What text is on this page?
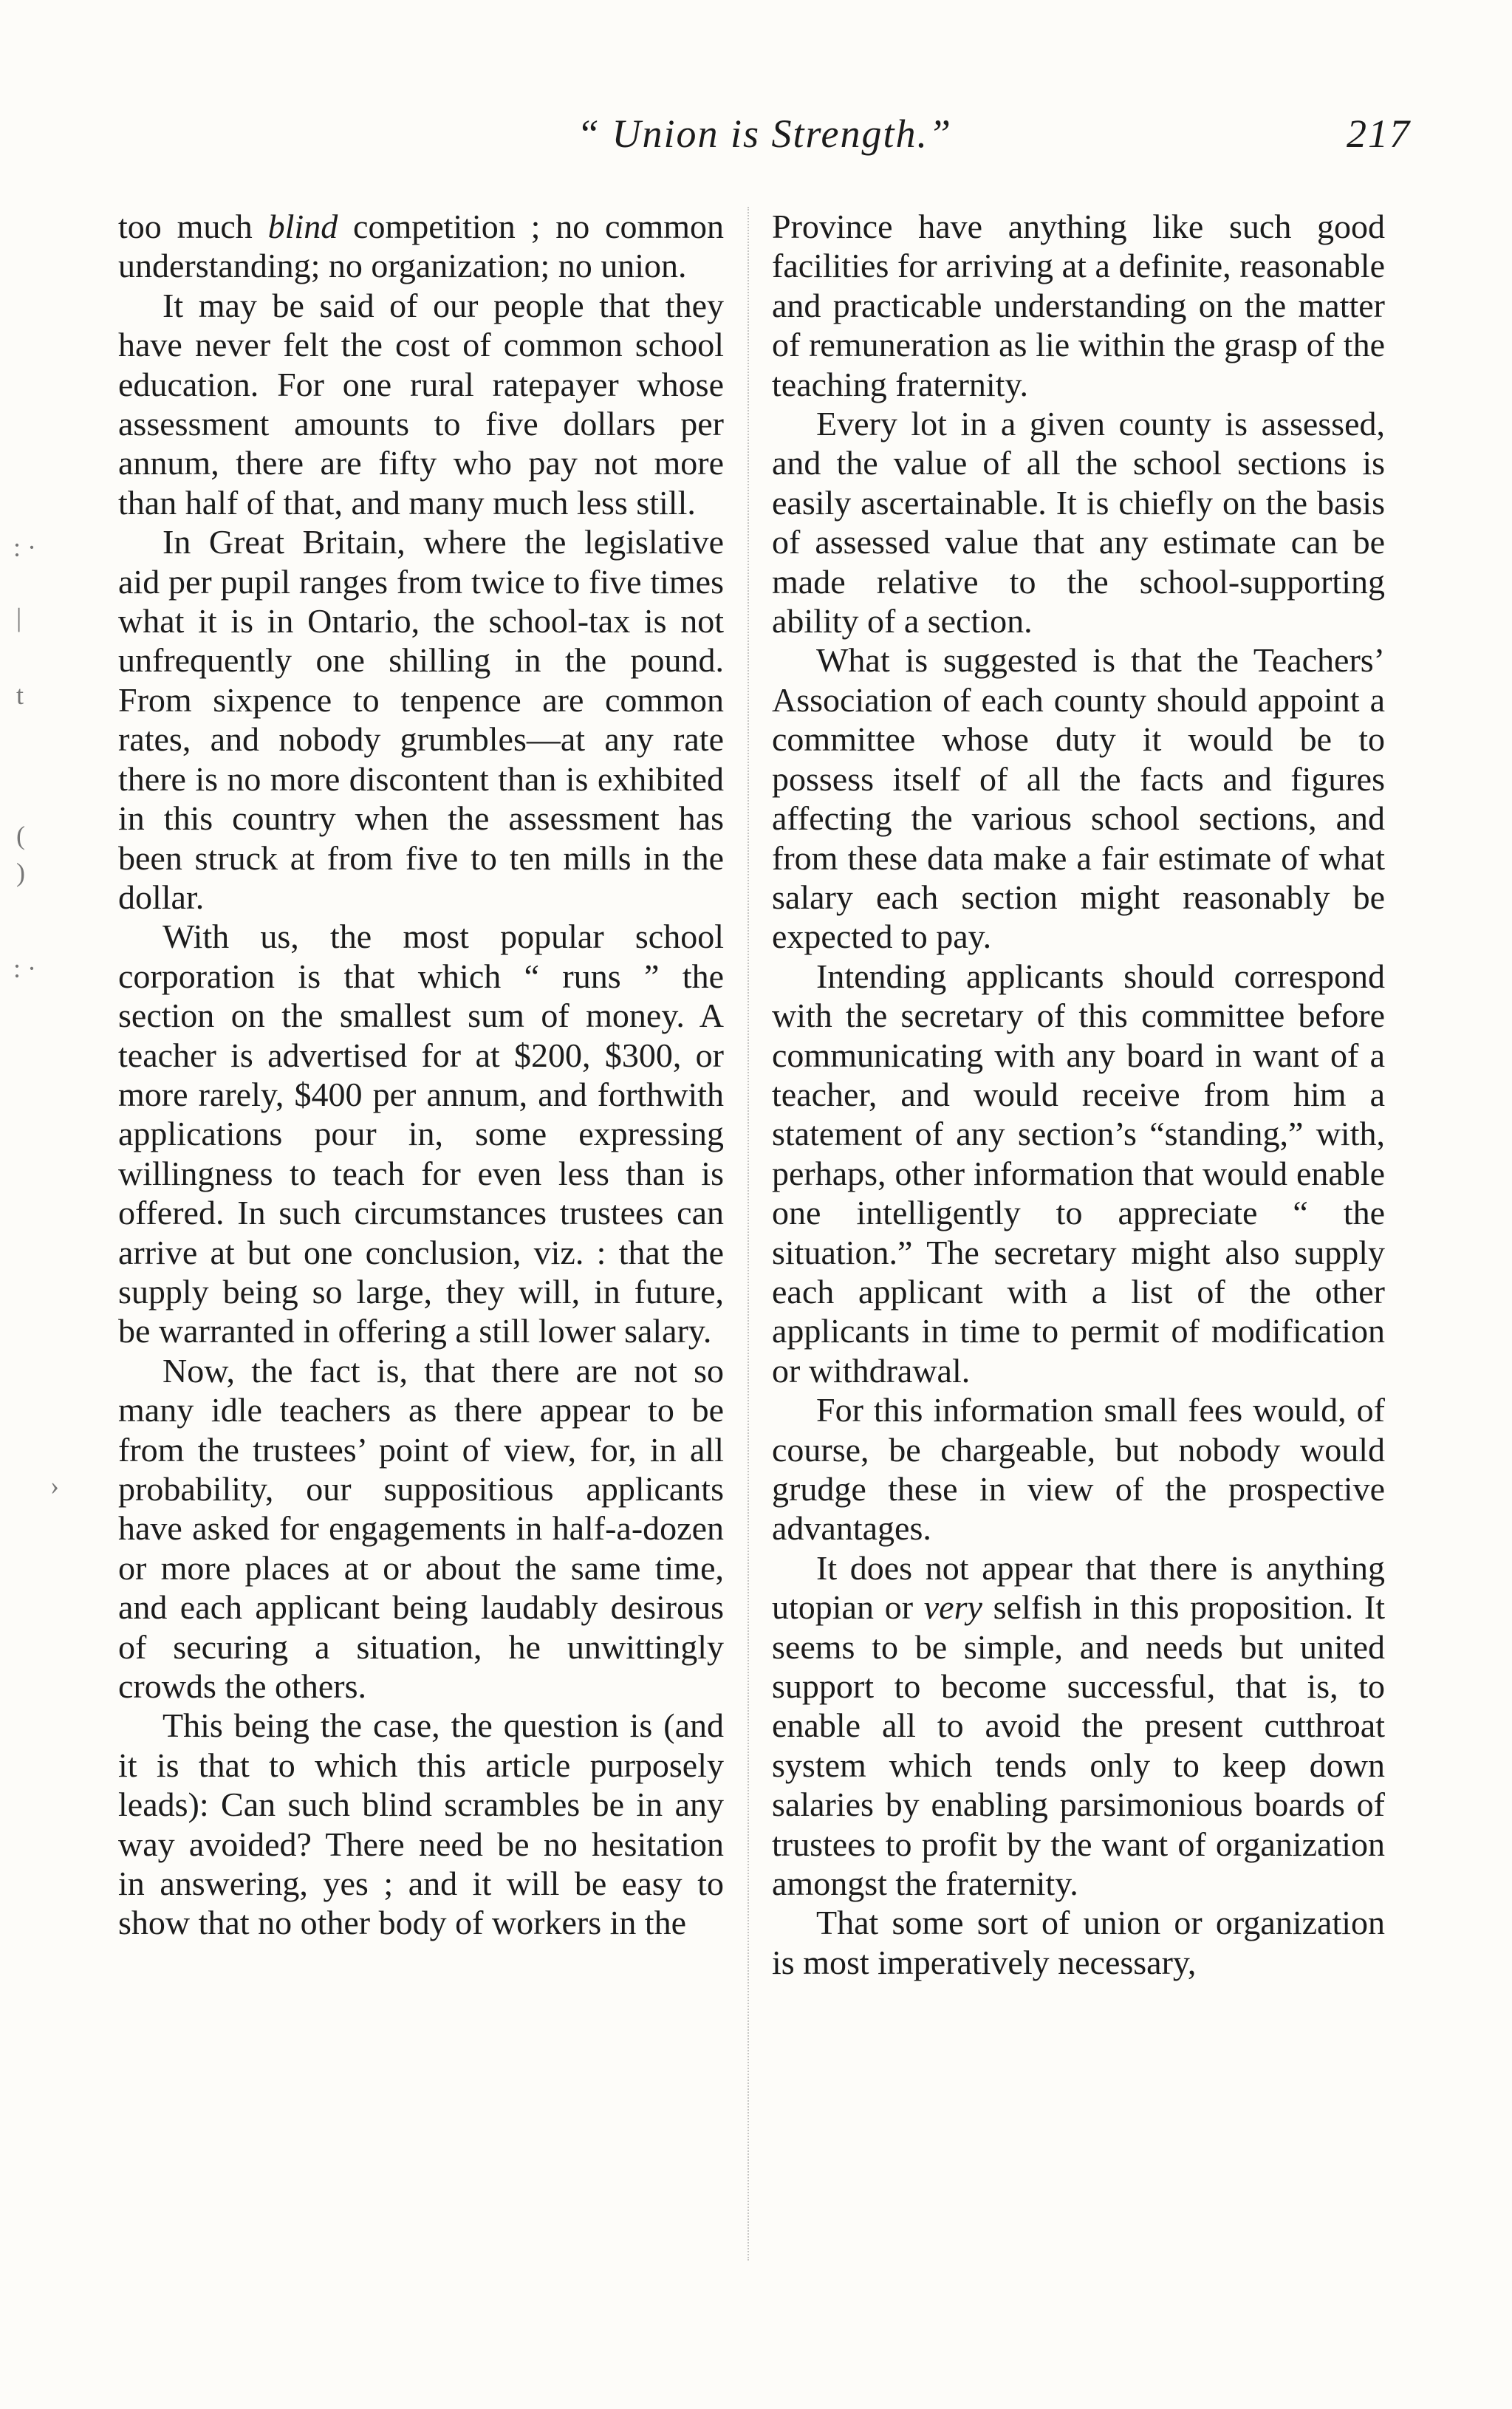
“ Union is Strength.”	217
: ·
|
t
(
)
: ·
›

too much blind competition ; no common understanding; no organization; no union.

It may be said of our people that they have never felt the cost of common school education. For one rural ratepayer whose assessment amounts to five dollars per annum, there are fifty who pay not more than half of that, and many much less still.

In Great Britain, where the legislative aid per pupil ranges from twice to five times what it is in Ontario, the school-tax is not unfrequently one shilling in the pound. From sixpence to tenpence are common rates, and nobody grumbles—at any rate there is no more discontent than is exhibited in this country when the assessment has been struck at from five to ten mills in the dollar.

With us, the most popular school corporation is that which “ runs ” the section on the smallest sum of money. A teacher is advertised for at $200, $300, or more rarely, $400 per annum, and forthwith applications pour in, some expressing willingness to teach for even less than is offered. In such circumstances trustees can arrive at but one conclusion, viz. : that the supply being so large, they will, in future, be warranted in offering a still lower salary.

Now, the fact is, that there are not so many idle teachers as there appear to be from the trustees’ point of view, for, in all probability, our suppositious applicants have asked for engagements in half-a-dozen or more places at or about the same time, and each applicant being laudably desirous of securing a situation, he unwittingly crowds the others.

This being the case, the question is (and it is that to which this article purposely leads): Can such blind scrambles be in any way avoided? There need be no hesitation in answering, yes ; and it will be easy to show that no other body of workers in the

Province have anything like such good facilities for arriving at a definite, reasonable and practicable understanding on the matter of remuneration as lie within the grasp of the teaching fraternity.

Every lot in a given county is assessed, and the value of all the school sections is easily ascertainable. It is chiefly on the basis of assessed value that any estimate can be made relative to the school-supporting ability of a section.

What is suggested is that the Teachers’ Association of each county should appoint a committee whose duty it would be to possess itself of all the facts and figures affecting the various school sections, and from these data make a fair estimate of what salary each section might reasonably be expected to pay.

Intending applicants should correspond with the secretary of this committee before communicating with any board in want of a teacher, and would receive from him a statement of any section’s “standing,” with, perhaps, other information that would enable one intelligently to appreciate “ the situation.” The secretary might also supply each applicant with a list of the other applicants in time to permit of modification or withdrawal.

For this information small fees would, of course, be chargeable, but nobody would grudge these in view of the prospective advantages.

It does not appear that there is anything utopian or very selfish in this proposition. It seems to be simple, and needs but united support to become successful, that is, to enable all to avoid the present cutthroat system which tends only to keep down salaries by enabling parsimonious boards of trustees to profit by the want of organization amongst the fraternity.

That some sort of union or organization is most imperatively necessary,
